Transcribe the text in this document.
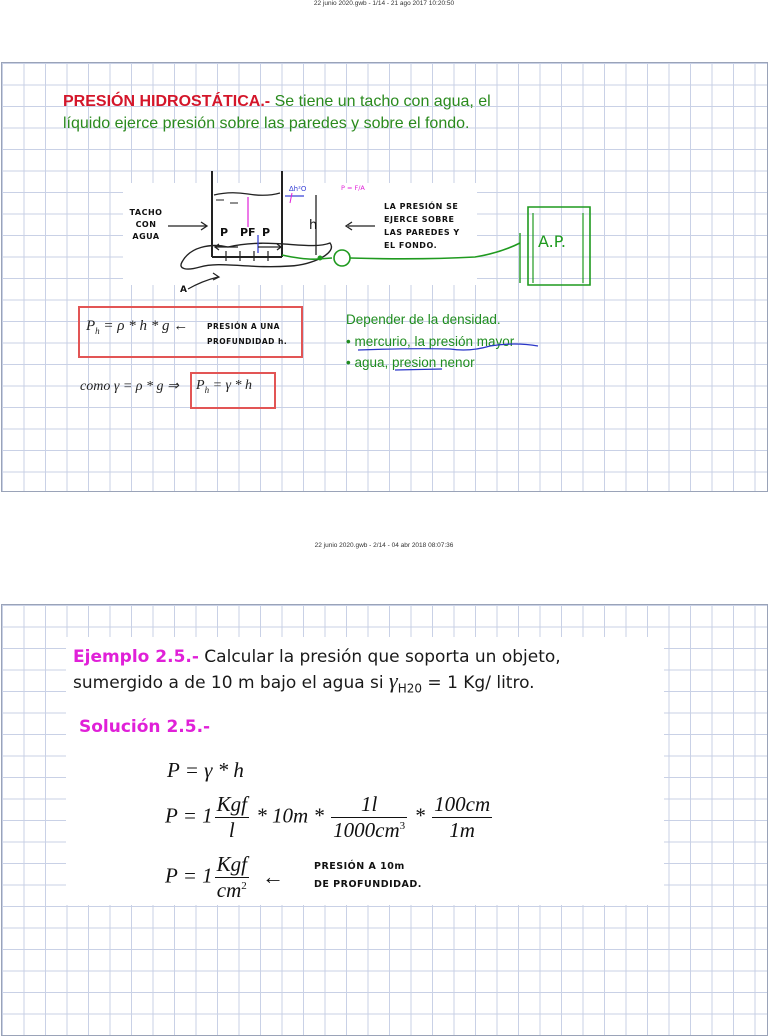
22 junio 2020.gwb - 1/14 - 21 ago 2017 10:20:50
PRESIÓN HIDROSTÁTICA.- Se tiene un tacho con agua, el líquido ejerce presión sobre las paredes y sobre el fondo.
TACHO
CON
AGUA	P PF P	h
A
∆h²O	P = F/A
LA PRESIÓN SE
EJERCE SOBRE
LAS PAREDES Y
EL FONDO.	A.P.
$P_h = \rho * h * g$ ←	PRESIÓN A UNA
PROFUNDIDAD h.
como γ = ρ * g ⇒ $P_h = \gamma * h$
Depender de la densidad.
• mercurio, la presión mayor
• agua, presion nenor
22 junio 2020.gwb - 2/14 - 04 abr 2018 08:07:36
Ejemplo 2.5.- Calcular la presión que soporta un objeto,
sumergido a de 10 m bajo el agua si $\gamma_{H20} = 1$ Kg/ litro.
Solución 2.5.-
P = γ * h
$P = 1 \frac{\text{Kgf}}{l} * 10m * \frac{1l}{1000cm^3} * \frac{100cm}{1m}$
$P = 1 \frac{\text{Kgf}}{cm^2}$ ←	PRESIÓN A 10m
DE PROFUNDIDAD.
